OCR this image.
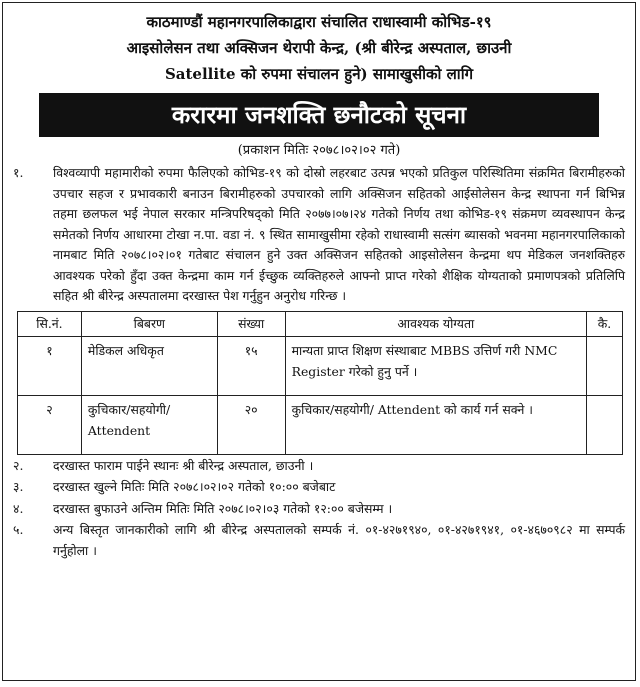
काठमाण्डौं महानगरपालिकाद्वारा संचालित राधास्वामी कोभिड-१९
आइसोलेसन तथा अक्सिजन थेरापी केन्द्र, (श्री बीरेन्द्र अस्पताल, छाउनी
Satellite को रुपमा संचालन हुने) सामाखुसीको लागि
करारमा जनशक्ति छनौटको सूचना
(प्रकाशन मितिः २०७८।०२।०२ गते)
१.	विश्वव्यापी महामारीको रुपमा फैलिएको कोभिड-१९ को दोस्रो लहरबाट उत्पन्न भएको प्रतिकुल परिस्थितिमा संक्रमित बिरामीहरुको उपचार सहज र प्रभावकारी बनाउन बिरामीहरुको उपचारको लागि अक्सिजन सहितको आईसोलेसन केन्द्र स्थापना गर्न बिभिन्न तहमा छलफल भई नेपाल सरकार मन्त्रिपरिषद्को मिति २०७७।०७।२४ गतेको निर्णय तथा कोभिड-१९ संक्रमण व्यवस्थापन केन्द्र समेतको निर्णय आधारमा टोखा न.पा. वडा नं. ९ स्थित सामाखुसीमा रहेको राधास्वामी सत्संग ब्यासको भवनमा महानगरपालिकाको नामबाट मिति २०७८।०२।०१ गतेबाट संचालन हुने उक्त अक्सिजन सहितको आइसोलेसन केन्द्रमा थप मेडिकल जनशक्तिहरु आवश्यक परेको हुँदा उक्त केन्द्रमा काम गर्न ईच्छुक व्यक्तिहरुले आफ्नो प्राप्त गरेको शैक्षिक योग्यताको प्रमाणपत्रको प्रतिलिपि सहित श्री बीरेन्द्र अस्पतालमा दरखास्त पेश गर्नुहुन अनुरोध गरिन्छ ।
सि.नं.	बिबरण	संख्या	आवश्यक योग्यता	कै.
१	मेडिकल अधिकृत	१५	मान्यता प्राप्त शिक्षण संस्थाबाट MBBS उत्तिर्ण गरी NMC Register गरेको हुनु पर्ने ।	
२	कुचिकार/सहयोगी/ Attendent	२०	कुचिकार/सहयोगी/ Attendent को कार्य गर्न सक्ने ।	
२.	दरखास्त फाराम पाईने स्थानः श्री बीरेन्द्र अस्पताल, छाउनी ।
३.	दरखास्त खुल्ने मितिः मिति २०७८।०२।०२ गतेको १०:०० बजेबाट
४.	दरखास्त बुफाउने अन्तिम मितिः मिति २०७८।०२।०३ गतेको १२:०० बजेसम्म ।
५.	अन्य बिस्तृत जानकारीको लागि श्री बीरेन्द्र अस्पतालको सम्पर्क नं. ०१-४२७१९४०, ०१-४२७१९४१, ०१-४६७०९८२ मा सम्पर्क गर्नुहोला ।
